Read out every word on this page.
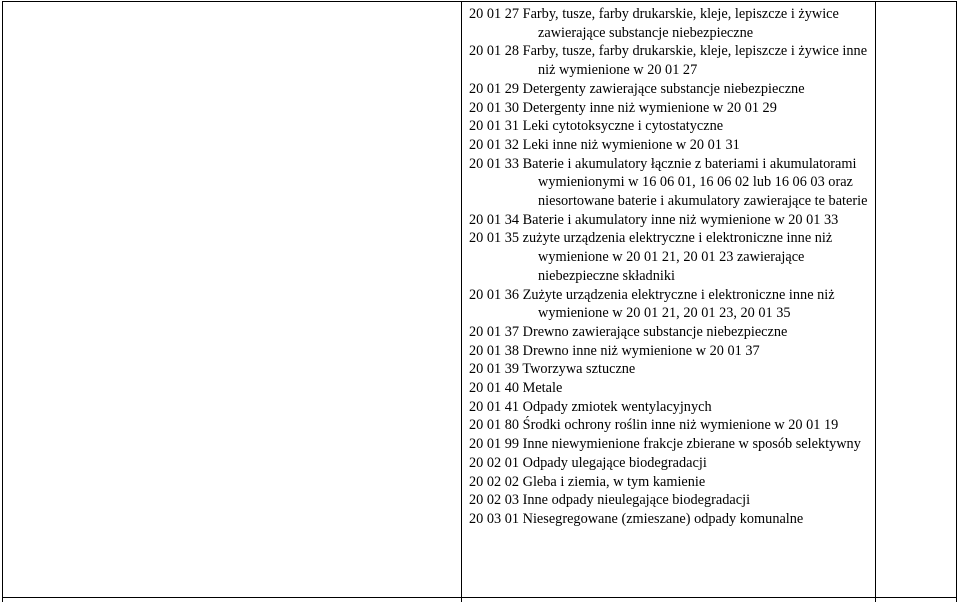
20 01 27 Farby, tusze, farby drukarskie, kleje, lepiszcze i żywice zawierające substancje niebezpieczne
20 01 28 Farby, tusze, farby drukarskie, kleje, lepiszcze i żywice inne niż wymienione w 20 01 27
20 01 29 Detergenty zawierające substancje niebezpieczne
20 01 30 Detergenty inne niż wymienione w 20 01 29
20 01 31 Leki cytotoksyczne i cytostatyczne
20 01 32 Leki inne niż wymienione w 20 01 31
20 01 33 Baterie i akumulatory łącznie z bateriami i akumulatorami wymienionymi w 16 06 01, 16 06 02 lub 16 06 03 oraz niesortowane baterie i akumulatory zawierające te baterie
20 01 34 Baterie i akumulatory inne niż wymienione w 20 01 33
20 01 35 zużyte urządzenia elektryczne i elektroniczne inne niż wymienione w 20 01 21, 20 01 23 zawierające niebezpieczne składniki
20 01 36 Zużyte urządzenia elektryczne i elektroniczne inne niż wymienione w 20 01 21, 20 01 23, 20 01 35
20 01 37 Drewno zawierające substancje niebezpieczne
20 01 38 Drewno inne niż wymienione w 20 01 37
20 01 39 Tworzywa sztuczne
20 01 40 Metale
20 01 41 Odpady zmiotek wentylacyjnych
20 01 80 Środki ochrony roślin inne niż wymienione w 20 01 19
20 01 99 Inne niewymienione frakcje zbierane w sposób selektywny
20 02 01 Odpady ulegające biodegradacji
20 02 02 Gleba i ziemia, w tym kamienie
20 02 03 Inne odpady nieulegające biodegradacji
20 03 01 Niesegregowane (zmieszane) odpady komunalne
